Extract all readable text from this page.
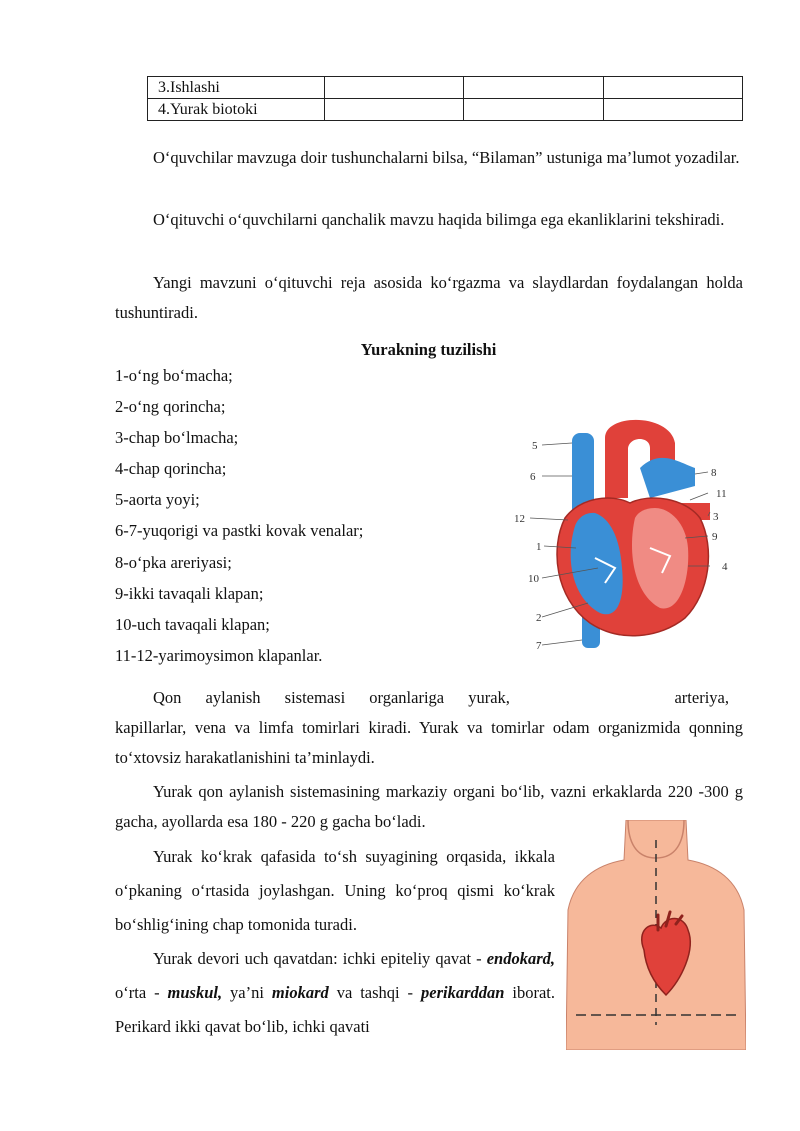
3.Ishlashi			
4.Yurak biotoki			
O‘quvchilar mavzuga doir tushunchalarni bilsa, “Bilaman” ustuniga ma’lumot yozadilar.
O‘qituvchi o‘quvchilarni qanchalik mavzu haqida bilimga ega ekanliklarini tekshiradi.
Yangi mavzuni o‘qituvchi reja asosida ko‘rgazma va slaydlardan foydalangan holda tushuntiradi.
Yurakning tuzilishi
1-o‘ng bo‘macha;
2-o‘ng qorincha;
3-chap bo‘lmacha;
4-chap qorincha;
5-aorta yoyi;
6-7-yuqorigi va pastki kovak venalar;
8-o‘pka areriyasi;
9-ikki tavaqali klapan;
10-uch tavaqali klapan;
11-12-yarimoysimon klapanlar.
5
6	8
11
12	3
9
1
4
10
2
7
Qon aylanish sistemasi organlariga yurak,	arteriya,
kapillarlar, vena va limfa tomirlari kiradi. Yurak va tomirlar odam organizmida qonning to‘xtovsiz harakatlanishini ta’minlaydi.
Yurak qon aylanish sistemasining markaziy organi bo‘lib, vazni erkaklarda 220 -300 g gacha, ayollarda esa 180 - 220 g gacha bo‘ladi.
Yurak ko‘krak qafasida to‘sh suyagining orqasida, ikkala o‘pkaning o‘rtasida joylashgan. Uning ko‘proq qismi ko‘krak bo‘shlig‘ining chap tomonida turadi.
Yurak devori uch qavatdan: ichki epiteliy qavat - endokard, o‘rta - muskul, ya’ni miokard va tashqi - perikarddan iborat. Perikard ikki qavat bo‘lib, ichki qavati
